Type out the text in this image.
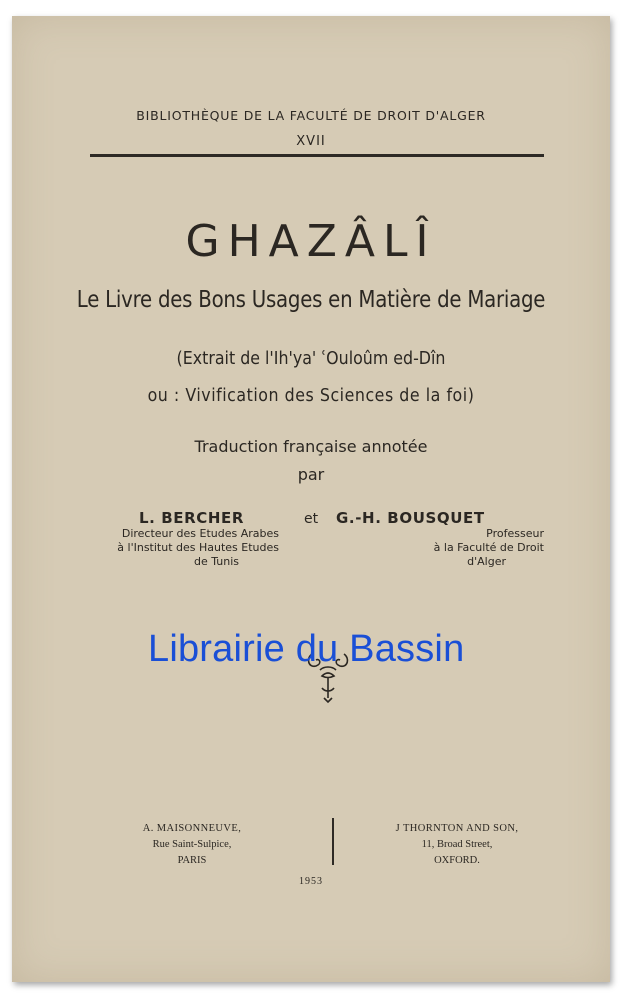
BIBLIOTHÈQUE DE LA FACULTÉ DE DROIT D'ALGER
XVII
GHAZÂLÎ
Le Livre des Bons Usages en Matière de Mariage
(Extrait de l'Ih'ya' ʿOuloûm ed-Dîn
ou : Vivification des Sciences de la foi)
Traduction française annotée
par
L. BERCHER
Directeur des Etudes Arabes
à l'Institut des Hautes Etudes
de Tunis
et G.-H. BOUSQUET
Professeur
à la Faculté de Droit
d'Alger
Librairie du Bassin
A. MAISONNEUVE,
Rue Saint-Sulpice,
PARIS
J THORNTON AND SON,
11, Broad Street,
OXFORD.
1953
